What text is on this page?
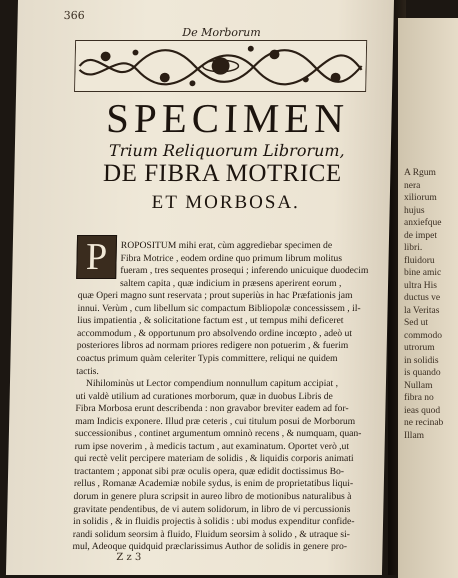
A Rgum
nera
xiliorum
hujus
anxiefque
de impet
libri.
fluidoru
bine amic
ultra His
ductus ve
la Veritas
Sed ut
commodo
utrorum
in solidis
is quando
Nullam
fibra no
ieas quod
ne recinab
Illam
366
De Morborum
SPECIMEN
Trium Reliquorum Librorum,
DE FIBRA MOTRICE
ET MORBOSA.
P	ROPOSITUM mihi erat, cùm aggrediebar specimen de
Fibra Motrice , eodem ordine quo primum librum molitus
fueram , tres sequentes prosequi ; inferendo unicuique duodecim
saltem capita , quæ indicium in præsens aperirent eorum ,
quæ Operi magno sunt reservata ; prout superiùs in hac Præfationis jam
innui. Verùm , cum libellum sic compactum Bibliopolæ concessissem , il-
lius impatientia , & solicitatione factum est , ut tempus mihi deficeret
accommodum , & opportunum pro absolvendo ordine incœpto , adeò ut
posteriores libros ad normam priores redigere non potuerim , & fuerim
coactus primum quàm celeriter Typis committere, reliqui ne quidem
tactis.
Nihilominùs ut Lector compendium nonnullum capitum accipiat ,
uti valdè utilium ad curationes morborum, quæ in duobus Libris de
Fibra Morbosa erunt describenda : non gravabor breviter eadem ad for-
mam Indicis exponere. Illud præ ceteris , cui titulum posui de Morborum
successionibus , continet argumentum omninò recens , & numquam, quan-
rum ipse noverim , à medicis tactum , aut examinatum. Oportet verò ,ut
qui rectè velit percipere materiam de solidis , & liquidis corporis animati
tractantem ; apponat sibi præ oculis opera, quæ edidit doctissimus Bo-
rellus , Romanæ Academiæ nobile sydus, is enim de proprietatibus liqui-
dorum in genere plura scripsit in aureo libro de motionibus naturalibus à
gravitate pendentibus, de vi autem solidorum, in libro de vi percussionis
in solidis , & in fluidis projectis à solidis : ubi modus expenditur confide-
randi solidum seorsim à fluido, Fluidum seorsim à solido , & utraque si-
mul, Adeoque quidquid præclarissimus Author de solidis in genere pro-
Z z 3
